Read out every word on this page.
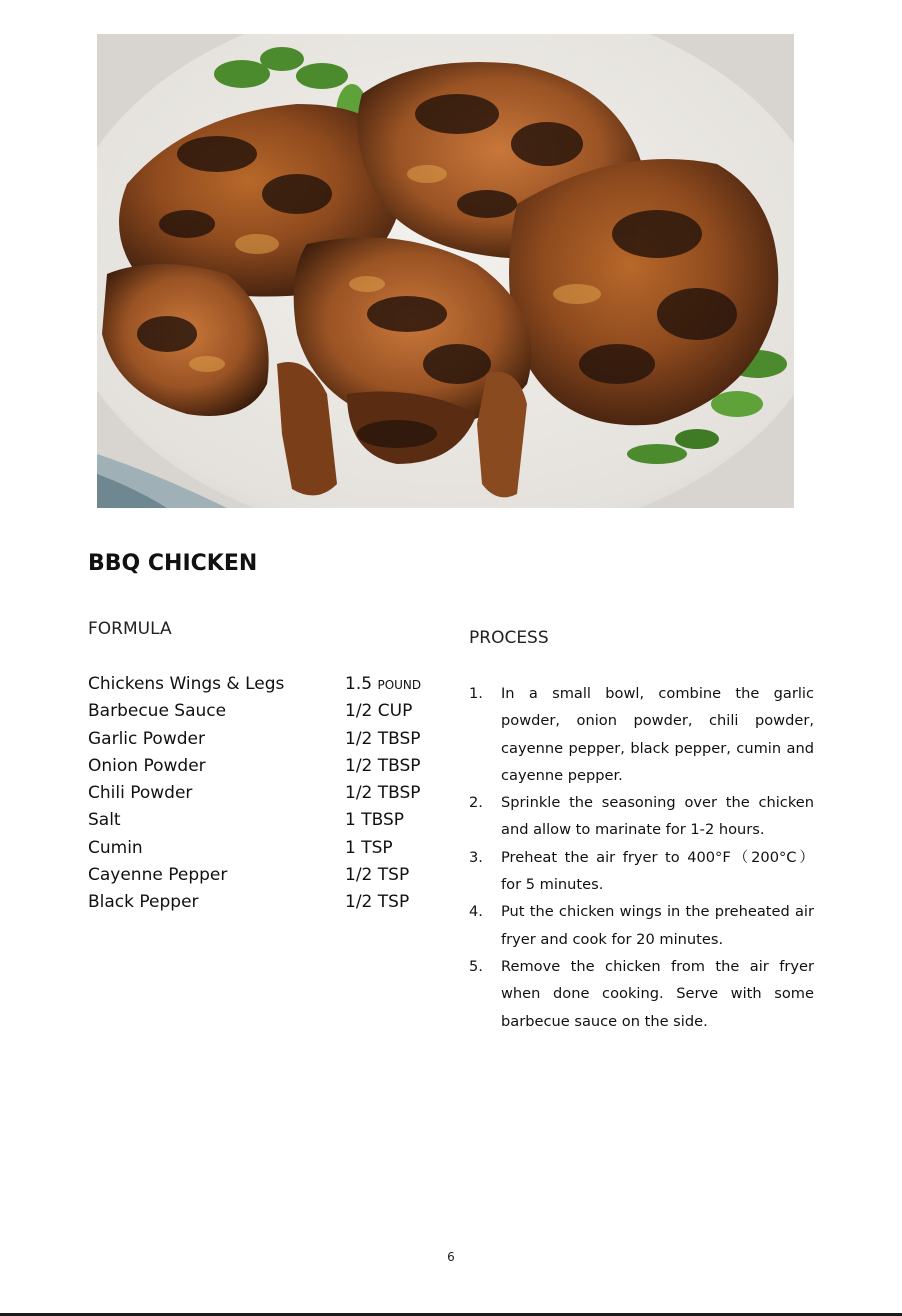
BBQ CHICKEN
FORMULA	PROCESS
Chickens Wings & Legs	1.5 POUND
Barbecue Sauce	1/2 CUP
Garlic Powder	1/2 TBSP
Onion Powder	1/2 TBSP
Chili Powder	1/2 TBSP
Salt	1 TBSP
Cumin	1 TSP
Cayenne Pepper	1/2 TSP
Black Pepper	1/2 TSP
1. In a small bowl, combine the garlic powder, onion powder, chili powder, cayenne pepper, black pepper, cumin and cayenne pepper.
2. Sprinkle the seasoning over the chicken and allow to marinate for 1-2 hours.
3. Preheat the air fryer to 400°F（200°C） for 5 minutes.
4. Put the chicken wings in the preheated air fryer and cook for 20 minutes.
5. Remove the chicken from the air fryer when done cooking. Serve with some barbecue sauce on the side.
6
